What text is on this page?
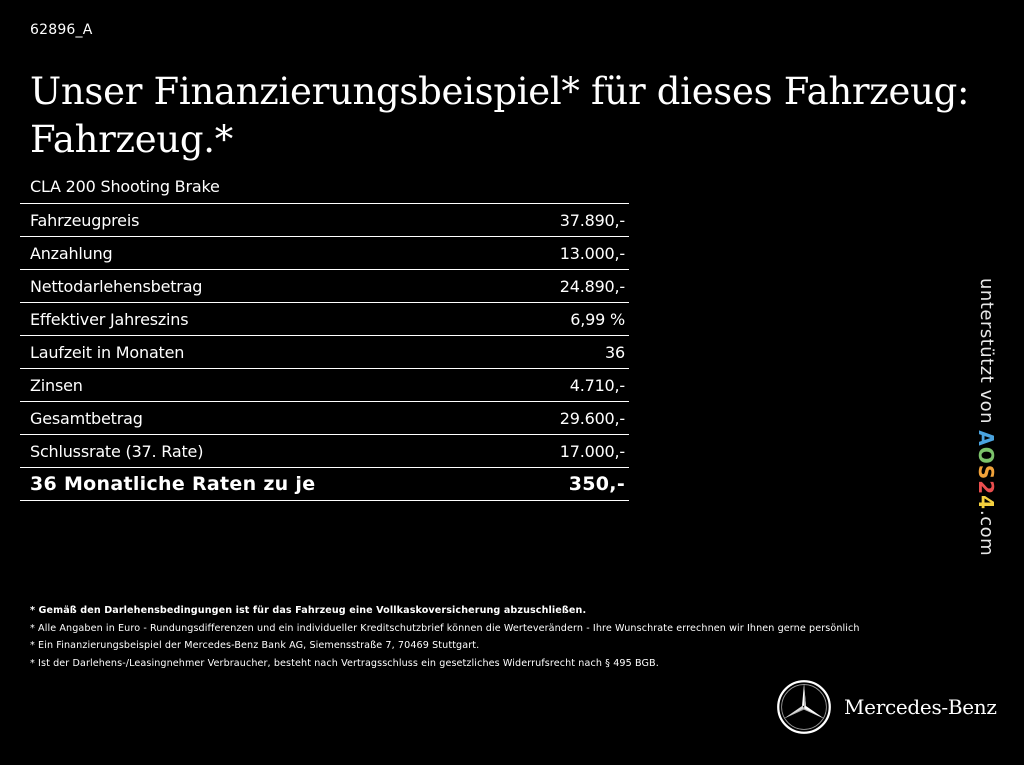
62896_A
Unser Finanzierungsbeispiel* für dieses Fahrzeug:
Fahrzeug.*
CLA 200 Shooting Brake
Fahrzeugpreis	37.890,-
Anzahlung	13.000,-
Nettodarlehensbetrag	24.890,-
Effektiver Jahreszins	6,99 %
Laufzeit in Monaten	36
Zinsen	4.710,-
Gesamtbetrag	29.600,-
Schlussrate (37. Rate)	17.000,-
36 Monatliche Raten zu je	350,-
unterstützt von AOS24.com
* Gemäß den Darlehensbedingungen ist für das Fahrzeug eine Vollkaskoversicherung abzuschließen.
* Alle Angaben in Euro - Rundungsdifferenzen und ein individueller Kreditschutzbrief können die Werteverändern - Ihre Wunschrate errechnen wir Ihnen gerne persönlich
* Ein Finanzierungsbeispiel der Mercedes-Benz Bank AG, Siemensstraße 7, 70469 Stuttgart.
* Ist der Darlehens-/Leasingnehmer Verbraucher, besteht nach Vertragsschluss ein gesetzliches Widerrufsrecht nach § 495 BGB.
Mercedes-Benz
